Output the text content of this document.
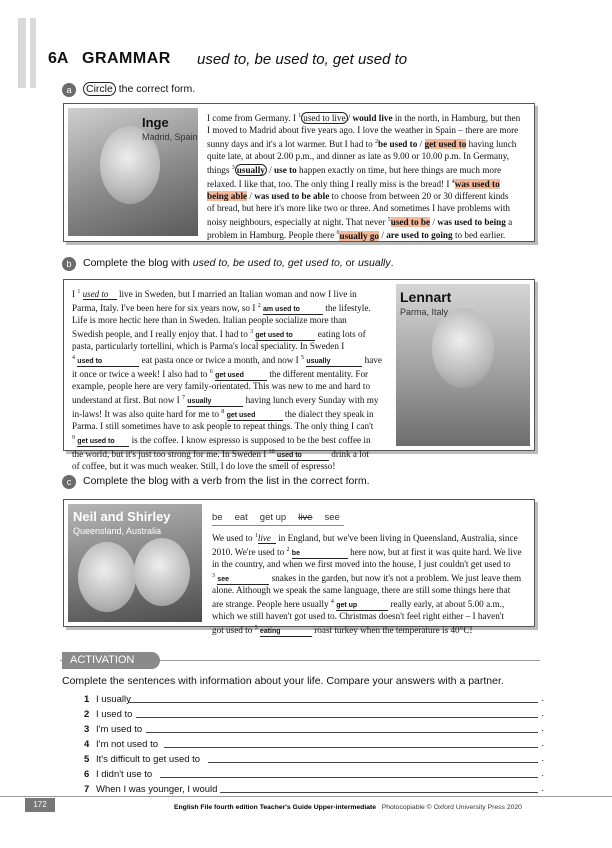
6A GRAMMAR used to, be used to, get used to
a	Circle the correct form.
Inge
Madrid, Spain
I come from Germany. I $^1$ used to live / would live in the north, in Hamburg, but then
I moved to Madrid about five years ago. I love the weather in Spain – there are more
sunny days and it's a lot warmer. But I had to $^2$be used to / get used to having lunch
quite late, at about 2.00 p.m., and dinner as late as 9.00 or 10.00 p.m. In Germany,
things $^3$ usually / use to happen exactly on time, but here things are much more
relaxed. I like that, too. The only thing I really miss is the bread! I $^4$was used to
being able / was used to be able to choose from between 20 or 30 different kinds
of bread, but here it's more like two or three. And sometimes I have problems with
noisy neighbours, especially at night. That never $^5$used to be / was used to being a
problem in Hamburg. People there $^6$usually go / are used to going to bed earlier.
b	Complete the blog with used to, be used to, get used to, or usually.
Lennart
Parma, Italy
I $^1$ used to live in Sweden, but I married an Italian woman and now I live in
Parma, Italy. I've been here for six years now, so I $^2$ am used to	the lifestyle.
Life is more hectic here than in Sweden. Italian people socialize more than
Swedish people, and I really enjoy that. I had to $^3$ get used to eating lots of
pasta, particularly tortellini, which is Parma's local speciality. In Sweden I
$^4$ used to	eat pasta once or twice a month, and now I $^5$ usually	have
it once or twice a week! I also had to $^6$ get used	the different mentality. For
example, people here are very family-orientated. This was new to me and hard to
understand at first. But now I $^7$ usually	having lunch every Sunday with my
in-laws! It was also quite hard for me to $^8$ get used	the dialect they speak in
Parma. I still sometimes have to ask people to repeat things. The only thing I can't
$^9$ get used to is the coffee. I know espresso is supposed to be the best coffee in
the world, but it's just too strong for me. In Sweden I $^{10}$ used to	drink a lot
of coffee, but it was much weaker. Still, I do love the smell of espresso!
c	Complete the blog with a verb from the list in the correct form.
Neil and Shirley
Queensland, Australia
be eat get up live see
We used to $^1$live in England, but we've been living in Queensland, Australia, since
2010. We're used to $^2$ be	here now, but at first it was quite hard. We live
in the country, and when we first moved into the house, I just couldn't get used to
$^3$ see	snakes in the garden, but now it's not a problem. We just leave them
alone. Although we speak the same language, there are still some things here that
are strange. People here usually $^4$ get up	really early, at about 5.00 a.m.,
which we still haven't got used to. Christmas doesn't feel right either – I haven't
got used to $^5$ eating	roast turkey when the temperature is 40°C!
ACTIVATION
Complete the sentences with information about your life. Compare your answers with a partner.
1 I usually	.
2 I used to	.
3 I'm used to	.
4 I'm not used to	.
5 It's difficult to get used to	.
6 I didn't use to	.
7 When I was younger, I would	.
172	English File fourth edition Teacher's Guide Upper-intermediate Photocopiable © Oxford University Press 2020
